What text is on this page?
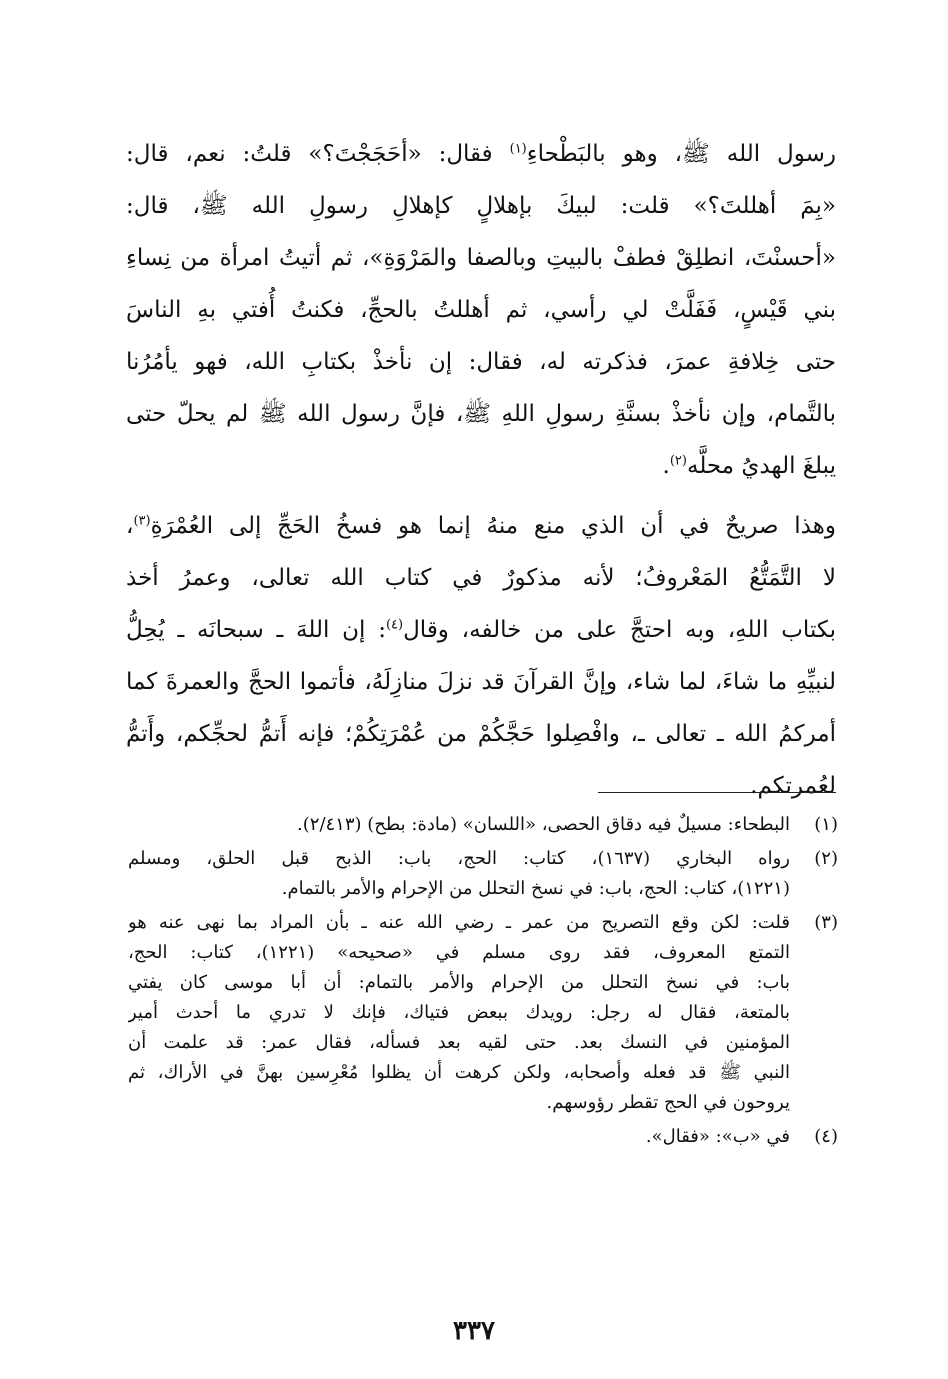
رسول الله ﷺ، وهو بالبَطْحاءِ$^{(١)}$ فقال: «أحَجَجْتَ؟» قلتُ: نعم، قال:
«بِمَ أهللتَ؟» قلت: لبيكَ بإهلالٍ كإهلالِ رسولِ الله ﷺ، قال:
«أحسنْتَ، انطلِقْ فطفْ بالبيتِ وبالصفا والمَرْوَةِ»، ثم أتيتُ امرأة من نِساءِ
بني قَيْسٍ، فَفَلَّتْ لي رأسي، ثم أهللتُ بالحجِّ، فكنتُ أُفتي بهِ الناسَ
حتى خِلافةِ عمرَ، فذكرته له، فقال: إن نأخذْ بكتابِ الله، فهو يأمُرُنا
بالتَّمام، وإن نأخذْ بسنَّةِ رسولِ اللهِ ﷺ، فإنَّ رسول الله ﷺ لم يحلّ حتى
يبلغَ الهديُ محلَّه$^{(٢)}$.

وهذا صريحٌ في أن الذي منع منهُ إنما هو فسخُ الحَجِّ إلى العُمْرَةِ$^{(٣)}$،
لا التَّمَتُّعُ المَعْروفُ؛ لأنه مذكورٌ في كتاب الله تعالى، وعمرُ أخذ
بكتاب اللهِ، وبه احتجَّ على من خالفه، وقال$^{(٤)}$: إن اللهَ ـ سبحانَه ـ يُحِلُّ
لنبيِّهِ ما شاءَ، لما شاء، وإنَّ القرآنَ قد نزلَ منازِلَهُ، فأتموا الحجَّ والعمرةَ كما
أمركمُ الله ـ تعالى ـ، وافْصِلوا حَجَّكُمْ من عُمْرَتِكُمْ؛ فإنه أَتمُّ لحجِّكم، وأَتمُّ
لعُمرتكم.

(١)
البطحاء: مسيلٌ فيه دقاق الحصى، «اللسان» (مادة: بطح) (٢/٤١٣).
(٢)
رواه البخاري (١٦٣٧)، كتاب: الحج، باب: الذبح قبل الحلق، ومسلم
(١٢٢١)، كتاب: الحج، باب: في نسخ التحلل من الإحرام والأمر بالتمام.
(٣)
قلت: لكن وقع التصريح من عمر ـ رضي الله عنه ـ بأن المراد بما نهى عنه هو
التمتع المعروف، فقد روى مسلم في «صحيحه» (١٢٢١)، كتاب: الحج،
باب: في نسخ التحلل من الإحرام والأمر بالتمام: أن أبا موسى كان يفتي
بالمتعة، فقال له رجل: رويدك ببعض فتياك، فإنك لا تدري ما أحدث أمير
المؤمنين في النسك بعد. حتى لقيه بعد فسأله، فقال عمر: قد علمت أن
النبي ﷺ قد فعله وأصحابه، ولكن كرهت أن يظلوا مُعْرِسين بهنَّ في الأراك، ثم
يروحون في الحج تقطر رؤوسهم.
(٤)
في «ب»: «فقال».
٣٣٧
